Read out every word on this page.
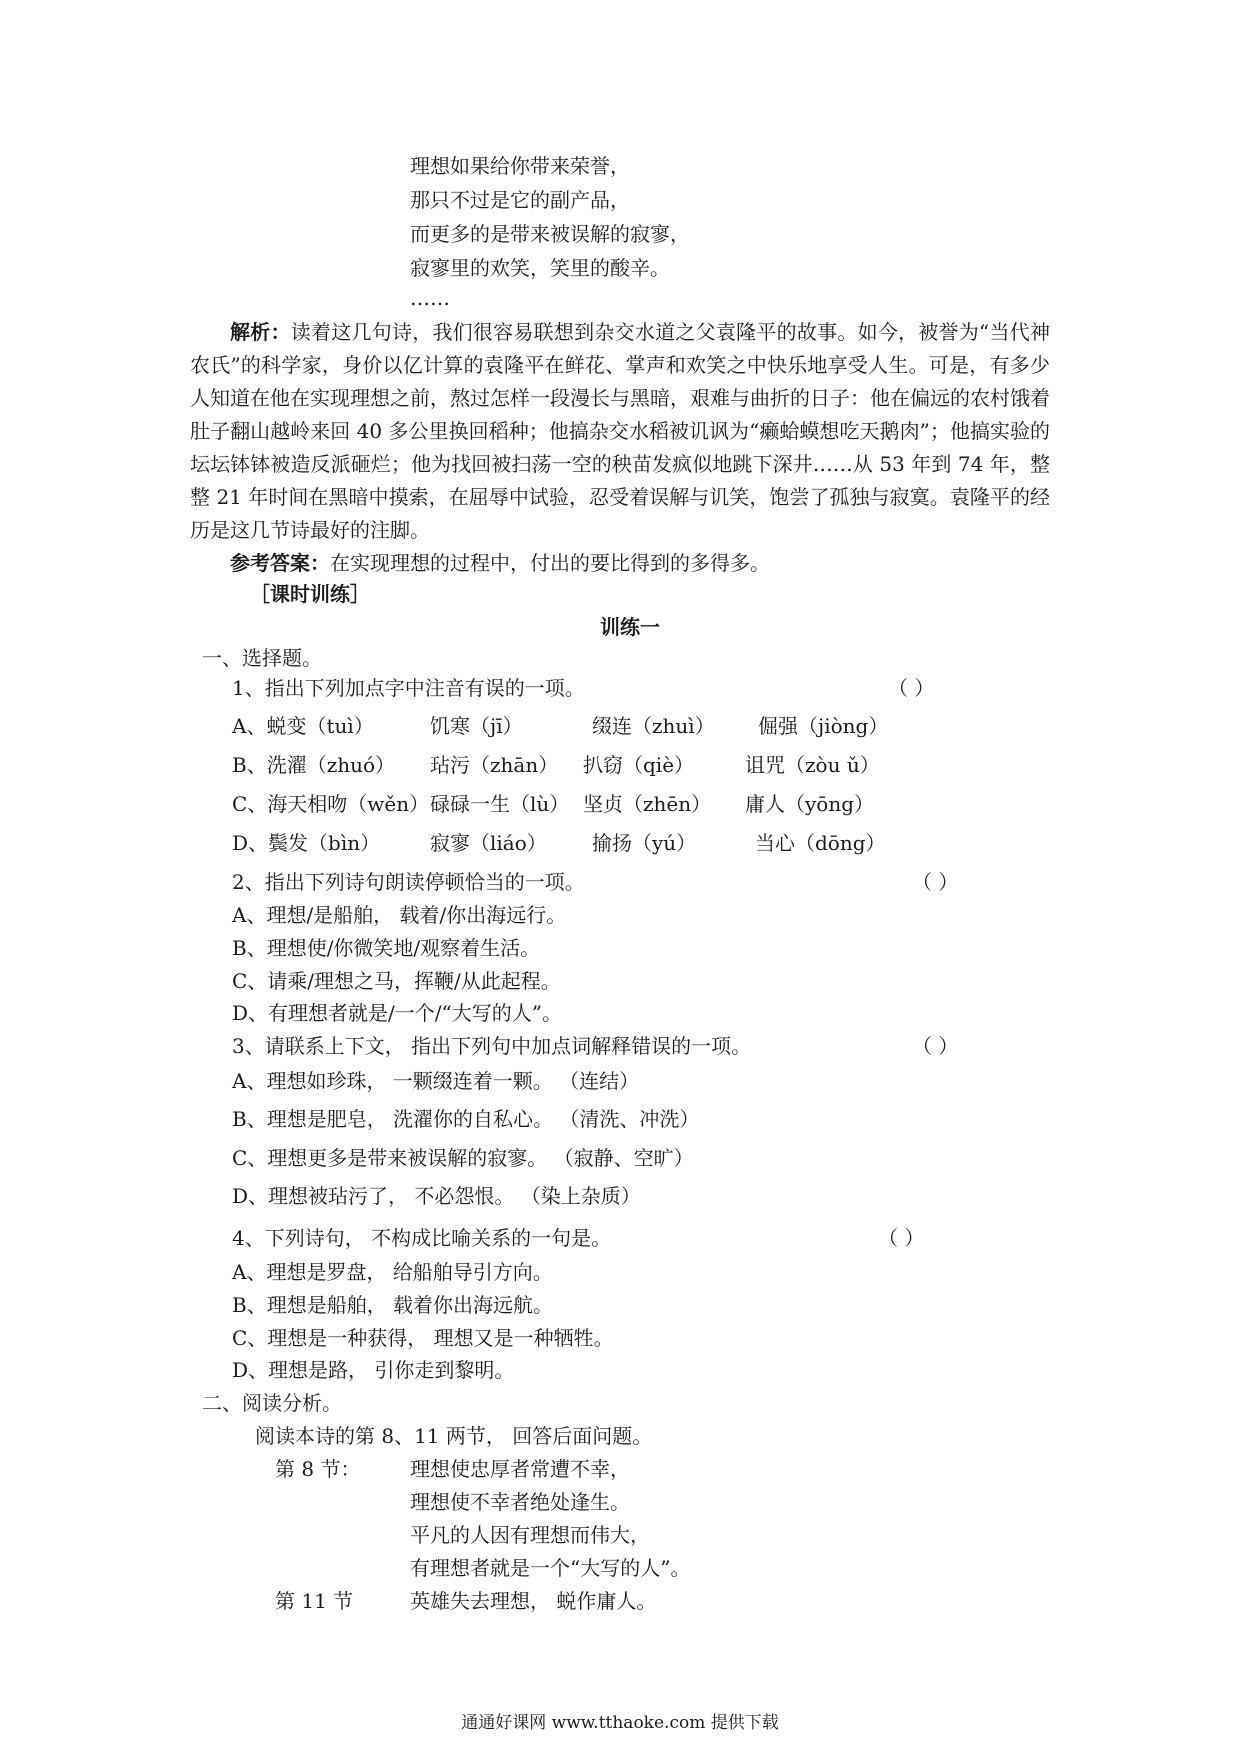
理想如果给你带来荣誉，
那只不过是它的副产品，
而更多的是带来被误解的寂寥，
寂寥里的欢笑，笑里的酸辛。
……
解析：读着这几句诗，我们很容易联想到杂交水道之父袁隆平的故事。如今，被誉为“当代神农氏”的科学家，身价以亿计算的袁隆平在鲜花、掌声和欢笑之中快乐地享受人生。可是，有多少人知道在他在实现理想之前，熬过怎样一段漫长与黑暗，艰难与曲折的日子：他在偏远的农村饿着肚子翻山越岭来回 40 多公里换回稻种；他搞杂交水稻被讥讽为“癞蛤蟆想吃天鹅肉”；他搞实验的坛坛钵钵被造反派砸烂；他为找回被扫荡一空的秧苗发疯似地跳下深井……从 53 年到 74 年，整整 21 年时间在黑暗中摸索，在屈辱中试验，忍受着误解与讥笑，饱尝了孤独与寂寞。袁隆平的经历是这几节诗最好的注脚。
参考答案：在实现理想的过程中，付出的要比得到的多得多。
［课时训练］
训练一
一、选择题。
1、指出下列加点字中注音有误的一项。	（ ）
A、蜕变（tuì）	饥寒（jī）	缀连（zhuì） 倔强（jiòng）
B、洗濯（zhuó） 玷污（zhān） 扒窃（qiè）	诅咒（zòu ǔ）
C、海天相吻（wěn） 碌碌一生（lù） 坚贞（zhēn） 庸人（yōng）
D、鬓发（bìn） 寂寥（liáo） 揄扬（yú）	当心（dōng）
2、指出下列诗句朗读停顿恰当的一项。	（ ）
A、理想/是船舶， 载着/你出海远行。
B、理想使/你微笑地/观察着生活。
C、请乘/理想之马，挥鞭/从此起程。
D、有理想者就是/一个/“大写的人”。
3、请联系上下文， 指出下列句中加点词解释错误的一项。	（ ）
A、理想如珍珠， 一颗缀连着一颗。 （连结）
B、理想是肥皂， 洗濯你的自私心。 （清洗、冲洗）
C、理想更多是带来被误解的寂寥。 （寂静、空旷）
D、理想被玷污了， 不必怨恨。 （染上杂质）
4、下列诗句， 不构成比喻关系的一句是。	（ ）
A、理想是罗盘， 给船舶导引方向。
B、理想是船舶， 载着你出海远航。
C、理想是一种获得， 理想又是一种牺牲。
D、理想是路， 引你走到黎明。
二、阅读分析。
阅读本诗的第 8、11 两节， 回答后面问题。
第 8 节： 理想使忠厚者常遭不幸，
理想使不幸者绝处逢生。
平凡的人因有理想而伟大，
有理想者就是一个“大写的人”。
第 11 节	英雄失去理想， 蜕作庸人。
通通好课网 www.tthaoke.com 提供下载
